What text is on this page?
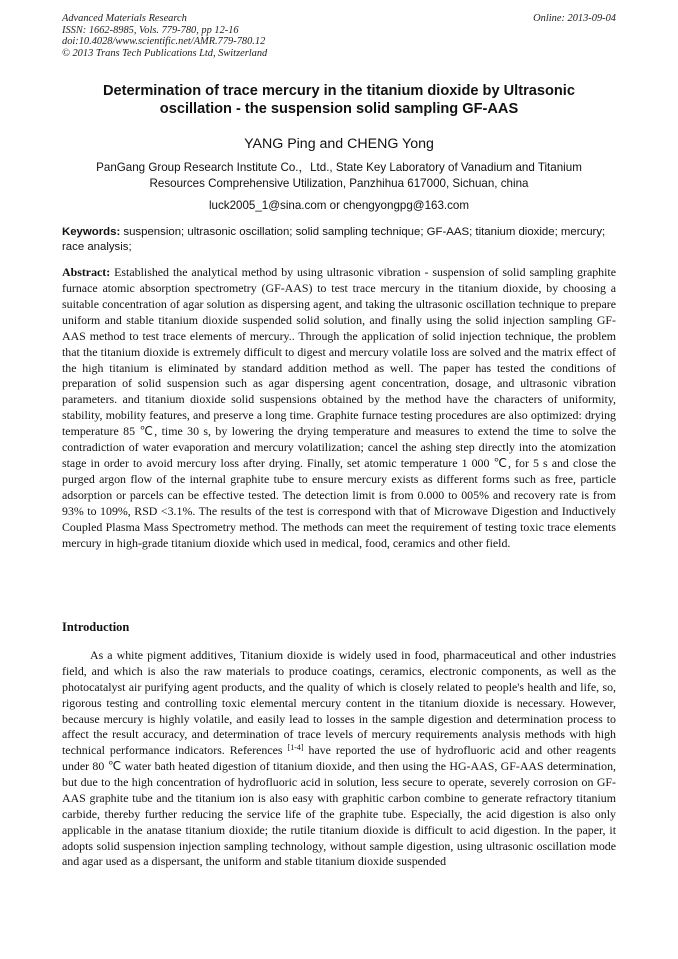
Advanced Materials Research
ISSN: 1662-8985, Vols. 779-780, pp 12-16
doi:10.4028/www.scientific.net/AMR.779-780.12
© 2013 Trans Tech Publications Ltd, Switzerland
Online: 2013-09-04
Determination of trace mercury in the titanium dioxide by Ultrasonic
oscillation - the suspension solid sampling GF-AAS
YANG Ping and CHENG Yong
PanGang Group Research Institute Co.，Ltd., State Key Laboratory of Vanadium and Titanium
Resources Comprehensive Utilization, Panzhihua 617000, Sichuan, china
luck2005_1@sina.com or chengyongpg@163.com
Keywords: suspension; ultrasonic oscillation; solid sampling technique; GF-AAS; titanium dioxide; mercury; race analysis;
Abstract: Established the analytical method by using ultrasonic vibration - suspension of solid sampling graphite furnace atomic absorption spectrometry (GF-AAS) to test trace mercury in the titanium dioxide, by choosing a suitable concentration of agar solution as dispersing agent, and taking the ultrasonic oscillation technique to prepare uniform and stable titanium dioxide suspended solid solution, and finally using the solid injection sampling GF-AAS method to test trace elements of mercury.. Through the application of solid injection technique, the problem that the titanium dioxide is extremely difficult to digest and mercury volatile loss are solved and the matrix effect of the high titanium is eliminated by standard addition method as well. The paper has tested the conditions of preparation of solid suspension such as agar dispersing agent concentration, dosage, and ultrasonic vibration parameters. and titanium dioxide solid suspensions obtained by the method have the characters of uniformity, stability, mobility features, and preserve a long time. Graphite furnace testing procedures are also optimized: drying temperature 85 ℃, time 30 s, by lowering the drying temperature and measures to extend the time to solve the contradiction of water evaporation and mercury volatilization; cancel the ashing step directly into the atomization stage in order to avoid mercury loss after drying. Finally, set atomic temperature 1 000 ℃, for 5 s and close the purged argon flow of the internal graphite tube to ensure mercury exists as different forms such as free, particle adsorption or parcels can be effective tested. The detection limit is from 0.000 to 005% and recovery rate is from 93% to 109%, RSD <3.1%. The results of the test is correspond with that of Microwave Digestion and Inductively Coupled Plasma Mass Spectrometry method. The methods can meet the requirement of testing toxic trace elements mercury in high-grade titanium dioxide which used in medical, food, ceramics and other field.
Introduction
As a white pigment additives, Titanium dioxide is widely used in food, pharmaceutical and other industries field, and which is also the raw materials to produce coatings, ceramics, electronic components, as well as the photocatalyst air purifying agent products, and the quality of which is closely related to people's health and life, so, rigorous testing and controlling toxic elemental mercury content in the titanium dioxide is necessary. However, because mercury is highly volatile, and easily lead to losses in the sample digestion and determination process to affect the result accuracy, and determination of trace levels of mercury requirements analysis methods with high technical performance indicators. References [1-4] have reported the use of hydrofluoric acid and other reagents under 80 ℃ water bath heated digestion of titanium dioxide, and then using the HG-AAS, GF-AAS determination, but due to the high concentration of hydrofluoric acid in solution, less secure to operate, severely corrosion on GF-AAS graphite tube and the titanium ion is also easy with graphitic carbon combine to generate refractory titanium carbide, thereby further reducing the service life of the graphite tube. Especially, the acid digestion is also only applicable in the anatase titanium dioxide; the rutile titanium dioxide is difficult to acid digestion. In the paper, it adopts solid suspension injection sampling technology, without sample digestion, using ultrasonic oscillation mode and agar used as a dispersant, the uniform and stable titanium dioxide suspended
